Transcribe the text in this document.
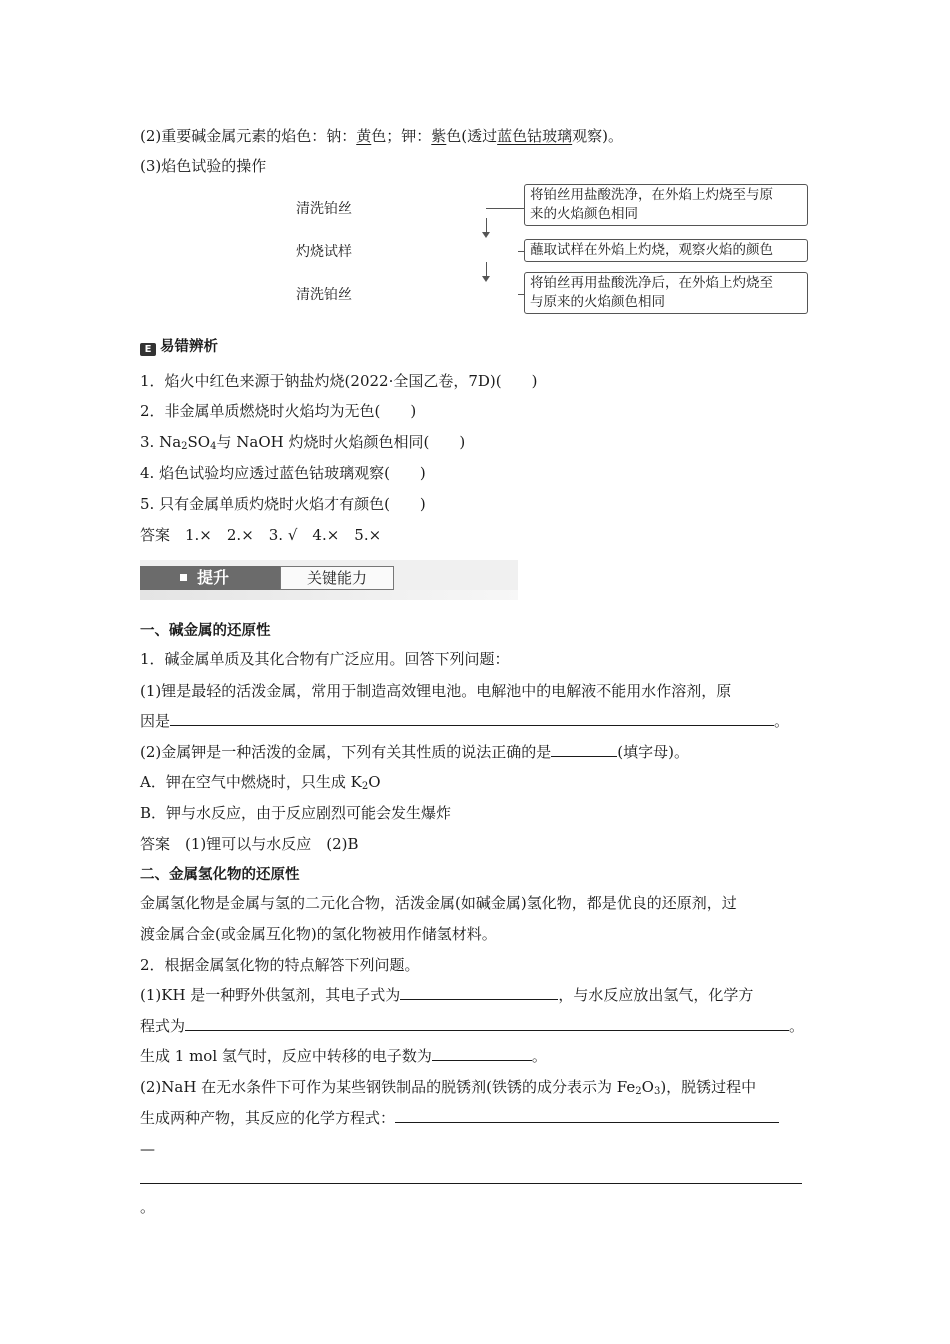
(2)重要碱金属元素的焰色：钠：黄色；钾：紫色(透过蓝色钴玻璃观察)。
(3)焰色试验的操作
清洗铂丝
将铂丝用盐酸洗净，在外焰上灼烧至与原
来的火焰颜色相同
灼烧试样	蘸取试样在外焰上灼烧，观察火焰的颜色
清洗铂丝
将铂丝再用盐酸洗净后，在外焰上灼烧至
与原来的火焰颜色相同
E 易错辨析
1．焰火中红色来源于钠盐灼烧(2022·全国乙卷，7D)(　　)
2．非金属单质燃烧时火焰均为无色(　　)
3. $Na_2SO_4$与 NaOH 灼烧时火焰颜色相同(　　)
4. 焰色试验均应透过蓝色钴玻璃观察(　　)
5. 只有金属单质灼烧时火焰才有颜色(　　)
答案　1.×　2.×　3. √　4.×　5.×
提升	关键能力
一、碱金属的还原性
1．碱金属单质及其化合物有广泛应用。回答下列问题：
(1)锂是最轻的活泼金属，常用于制造高效锂电池。电解池中的电解液不能用水作溶剂，原
因是	。
(2)金属钾是一种活泼的金属，下列有关其性质的说法正确的是	(填字母)。
A．钾在空气中燃烧时，只生成 $K_2O$
B．钾与水反应，由于反应剧烈可能会发生爆炸
答案　(1)锂可以与水反应　(2)B
二、金属氢化物的还原性
金属氢化物是金属与氢的二元化合物，活泼金属(如碱金属)氢化物，都是优良的还原剂，过
渡金属合金(或金属互化物)的氢化物被用作储氢材料。
2．根据金属氢化物的特点解答下列问题。
(1)KH 是一种野外供氢剂，其电子式为	，与水反应放出氢气，化学方
程式为	。
生成 1 mol 氢气时，反应中转移的电子数为	。
(2)NaH 在无水条件下可作为某些钢铁制品的脱锈剂(铁锈的成分表示为 $Fe_2O_3$)，脱锈过程中
生成两种产物，其反应的化学方程式：
—
。
